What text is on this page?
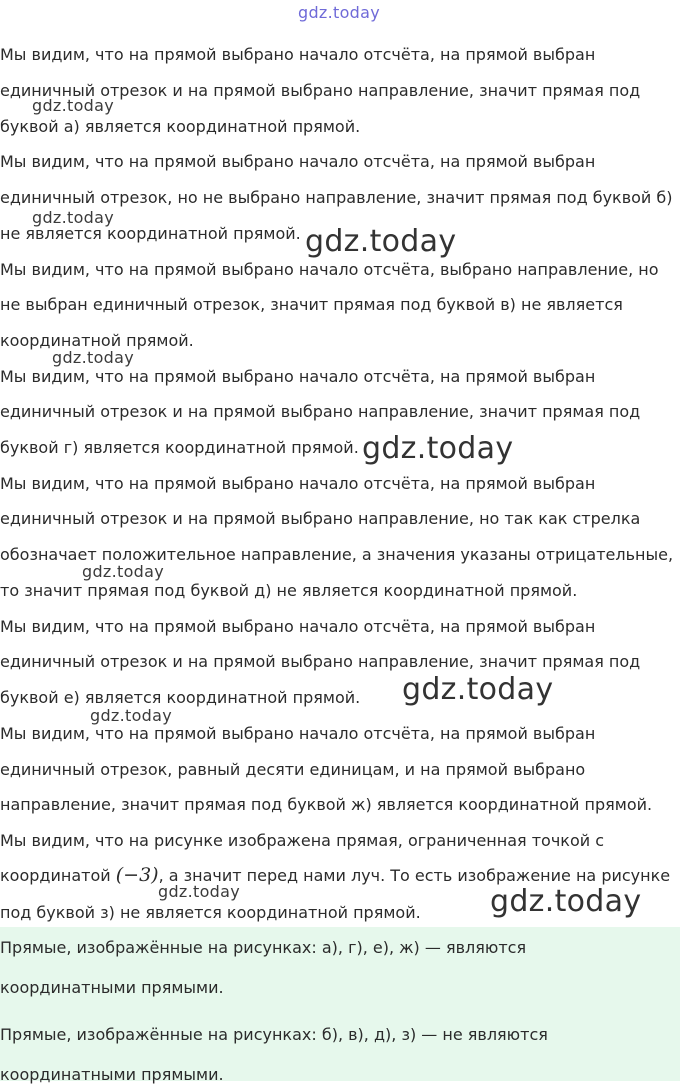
gdz.today
Мы видим, что на прямой выбрано начало отсчёта, на прямой выбран
единичный отрезок и на прямой выбрано направление, значит прямая под
буквой а) является координатной прямой.
gdz.today
Мы видим, что на прямой выбрано начало отсчёта, на прямой выбран
единичный отрезок, но не выбрано направление, значит прямая под буквой б)
не является координатной прямой.
gdz.today
gdz.today
Мы видим, что на прямой выбрано начало отсчёта, выбрано направление, но
не выбран единичный отрезок, значит прямая под буквой в) не является
координатной прямой.
gdz.today
Мы видим, что на прямой выбрано начало отсчёта, на прямой выбран
единичный отрезок и на прямой выбрано направление, значит прямая под
буквой г) является координатной прямой. gdz.today
Мы видим, что на прямой выбрано начало отсчёта, на прямой выбран
единичный отрезок и на прямой выбрано направление, но так как стрелка
обозначает положительное направление, а значения указаны отрицательные,
то значит прямая под буквой д) не является координатной прямой.
gdz.today
Мы видим, что на прямой выбрано начало отсчёта, на прямой выбран
единичный отрезок и на прямой выбрано направление, значит прямая под
буквой е) является координатной прямой. gdz.today
gdz.today
Мы видим, что на прямой выбрано начало отсчёта, на прямой выбран
единичный отрезок, равный десяти единицам, и на прямой выбрано
направление, значит прямая под буквой ж) является координатной прямой.
Мы видим, что на рисунке изображена прямая, ограниченная точкой с
координатой (−3), а значит перед нами луч. То есть изображение на рисунке
под буквой з) не является координатной прямой.
gdz.today	gdz.today
Прямые, изображённые на рисунках: а), г), е), ж) — являются
координатными прямыми.
Прямые, изображённые на рисунках: б), в), д), з) — не являются
координатными прямыми.
